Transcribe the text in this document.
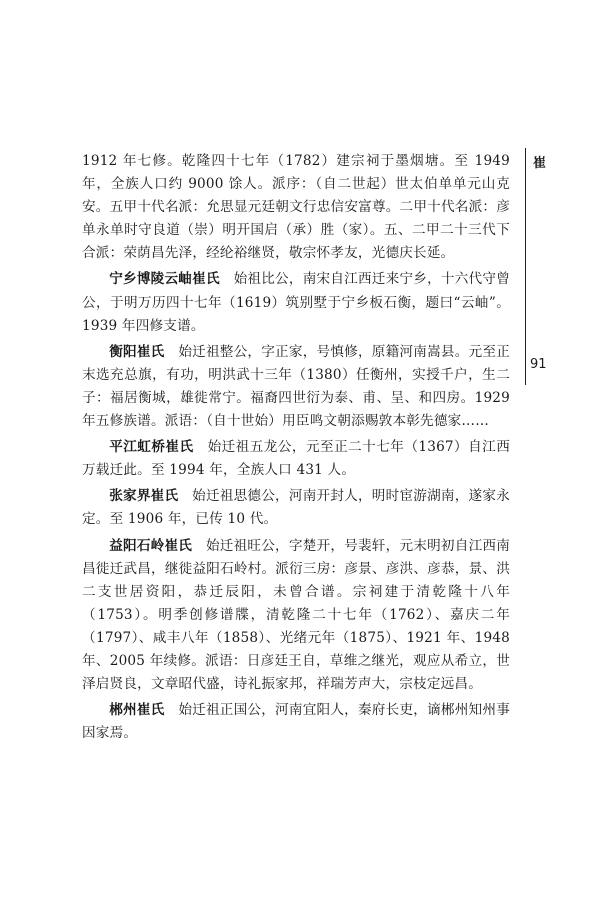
1912 年七修。乾隆四十七年（1782）建宗祠于墨烟塘。至 1949 年，全族人口约 9000 馀人。派序：（自二世起）世太伯单单元山克安。五甲十代名派：允思显元廷朝文行忠信安富尊。二甲十代名派：彦单永单时守良道（崇）明开国启（承）胜（家）。五、二甲二十三代下合派：荣荫昌先泽，经纶裕继贤，敬宗怀孝友，光德庆长延。

宁乡博陵云岫崔氏　 始祖比公，南宋自江西迁来宁乡，十六代守曾公，于明万历四十七年（1619）筑别墅于宁乡板石衡，题曰“云岫”。1939 年四修支谱。

衡阳崔氏　 始迁祖整公，字正家，号慎修，原籍河南嵩县。元至正末选充总旗，有功，明洪武十三年（1380）任衡州，实授千户，生二子：福居衡城，雄徙常宁。福裔四世衍为泰、甫、呈、和四房。1929 年五修族谱。派语：（自十世始）用臣鸣文朝添赐敦本彰先德家……

平江虹桥崔氏　 始迁祖五龙公，元至正二十七年（1367）自江西万载迁此。至 1994 年，全族人口 431 人。

张家界崔氏　 始迁祖思德公，河南开封人，明时宦游湖南，遂家永定。至 1906 年，已传 10 代。

益阳石岭崔氏　 始迁祖旺公，字楚开，号裴轩，元末明初自江西南昌徙迁武昌，继徙益阳石岭村。派衍三房：彦景、彦洪、彦恭，景、洪二支世居资阳，恭迁辰阳，未曾合谱。宗祠建于清乾隆十八年（1753）。明季创修谱牒，清乾隆二十七年（1762）、嘉庆二年（1797）、咸丰八年（1858）、光绪元年（1875）、1921 年、1948 年、2005 年续修。派语：日彦廷王自，草维之继光，观应从希立，世泽启贤良，文章昭代盛，诗礼振家邦，祥瑞芳声大，宗枝定远昌。

郴州崔氏　 始迁祖正国公，河南宜阳人，秦府长吏，谪郴州知州事因家焉。

崔
91
